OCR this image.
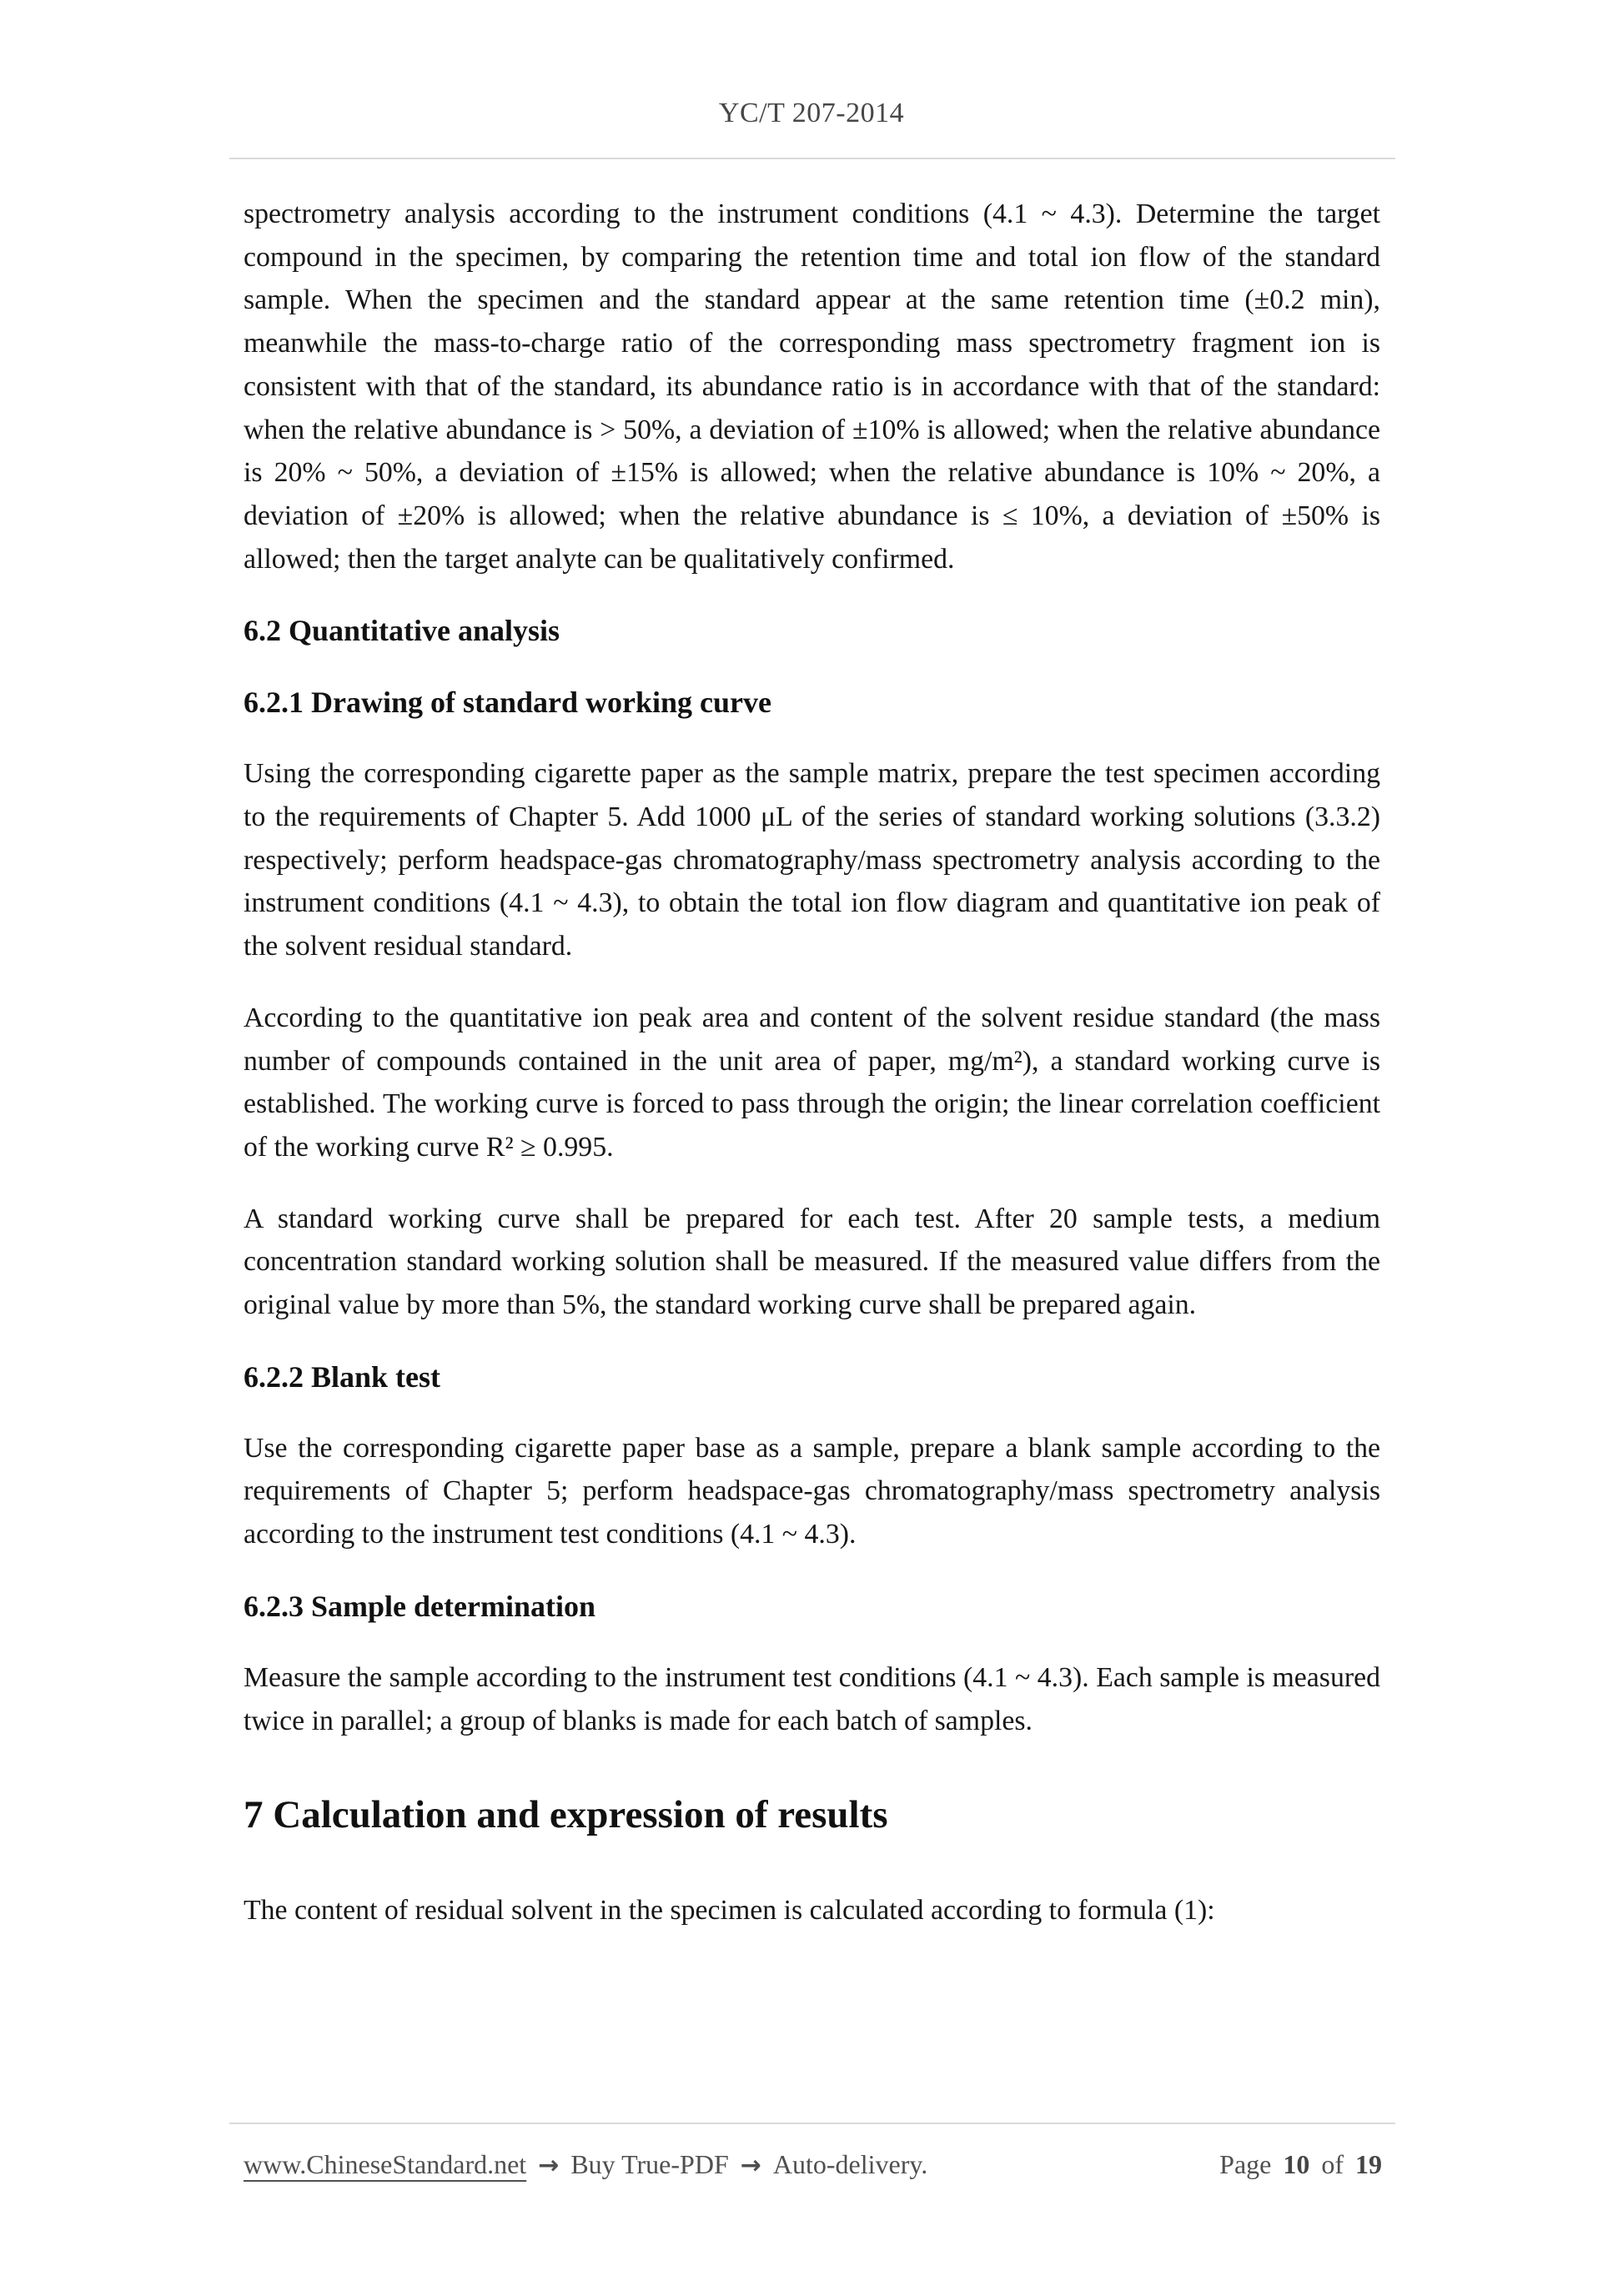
YC/T 207-2014

spectrometry analysis according to the instrument conditions (4.1 ~ 4.3). Determine the target compound in the specimen, by comparing the retention time and total ion flow of the standard sample. When the specimen and the standard appear at the same retention time (±0.2 min), meanwhile the mass-to-charge ratio of the corresponding mass spectrometry fragment ion is consistent with that of the standard, its abundance ratio is in accordance with that of the standard: when the relative abundance is > 50%, a deviation of ±10% is allowed; when the relative abundance is 20% ~ 50%, a deviation of ±15% is allowed; when the relative abundance is 10% ~ 20%, a deviation of ±20% is allowed; when the relative abundance is ≤ 10%, a deviation of ±50% is allowed; then the target analyte can be qualitatively confirmed.

6.2 Quantitative analysis
6.2.1 Drawing of standard working curve

Using the corresponding cigarette paper as the sample matrix, prepare the test specimen according to the requirements of Chapter 5. Add 1000 μL of the series of standard working solutions (3.3.2) respectively; perform headspace-gas chromatography/mass spectrometry analysis according to the instrument conditions (4.1 ~ 4.3), to obtain the total ion flow diagram and quantitative ion peak of the solvent residual standard.

According to the quantitative ion peak area and content of the solvent residue standard (the mass number of compounds contained in the unit area of paper, mg/m²), a standard working curve is established. The working curve is forced to pass through the origin; the linear correlation coefficient of the working curve R² ≥ 0.995.

A standard working curve shall be prepared for each test. After 20 sample tests, a medium concentration standard working solution shall be measured. If the measured value differs from the original value by more than 5%, the standard working curve shall be prepared again.

6.2.2 Blank test

Use the corresponding cigarette paper base as a sample, prepare a blank sample according to the requirements of Chapter 5; perform headspace-gas chromatography/mass spectrometry analysis according to the instrument test conditions (4.1 ~ 4.3).

6.2.3 Sample determination

Measure the sample according to the instrument test conditions (4.1 ~ 4.3). Each sample is measured twice in parallel; a group of blanks is made for each batch of samples.

7 Calculation and expression of results

The content of residual solvent in the specimen is calculated according to formula (1):

www.ChineseStandard.net → Buy True-PDF → Auto-delivery.	Page 10 of 19
